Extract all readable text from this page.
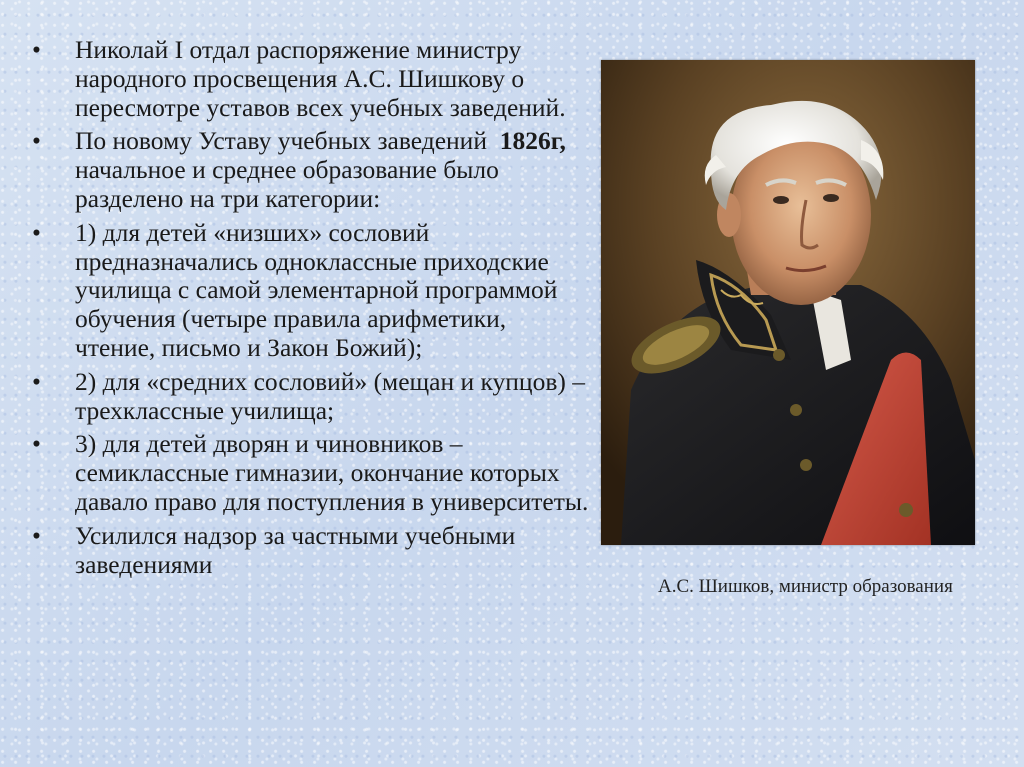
• Николай I отдал распоряжение министру народного просвещения А.С. Шишкову о пересмотре уставов всех учебных заведений.
• По новому Уставу учебных заведений  1826г, начальное и среднее образование было разделено на три категории:
• 1) для детей «низших» сословий предназначались одноклассные приходские училища с самой элементарной программой обучения (четыре правила арифметики, чтение, письмо и Закон Божий);
• 2) для «средних сословий» (мещан и купцов) – трехклассные училища;
• 3) для детей дворян и чиновников – семиклассные гимназии, окончание которых давало право для поступления в университеты.
• Усилился надзор за частными учебными заведениями
А.С. Шишков, министр образования
